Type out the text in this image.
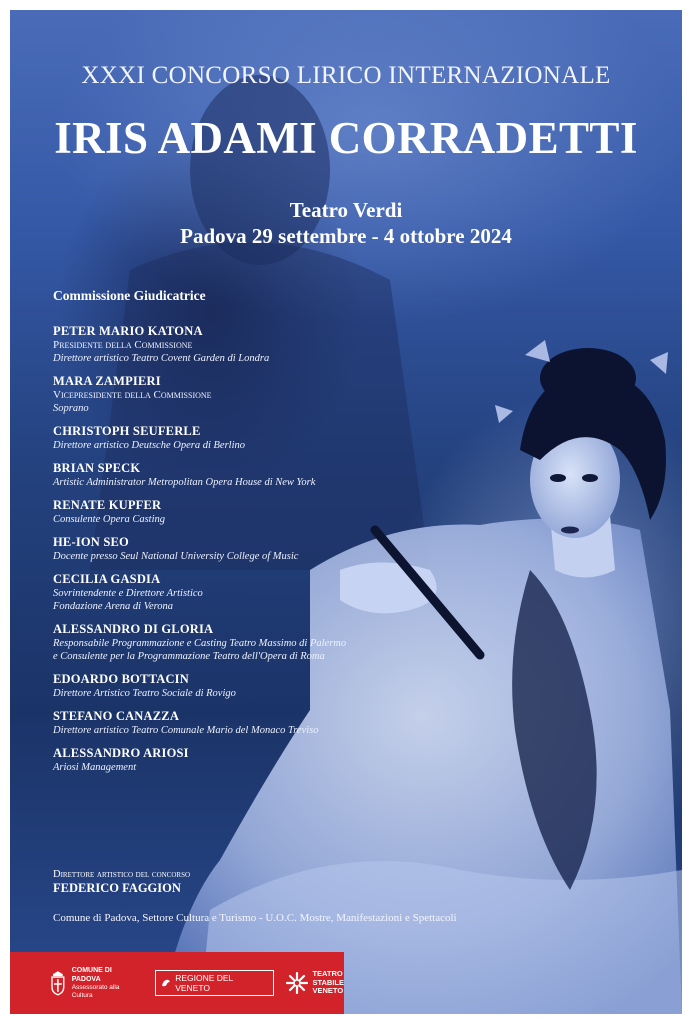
XXXI CONCORSO LIRICO INTERNAZIONALE
IRIS ADAMI CORRADETTI
Teatro Verdi
Padova 29 settembre - 4 ottobre 2024
Commissione Giudicatrice
PETER MARIO KATONA
Presidente della Commissione
Direttore artistico Teatro Covent Garden di Londra
MARA ZAMPIERI
Vicepresidente della Commissione
Soprano
CHRISTOPH SEUFERLE
Direttore artistico Deutsche Opera di Berlino
BRIAN SPECK
Artistic Administrator Metropolitan Opera House di New York
RENATE KUPFER
Consulente Opera Casting
HE-ION SEO
Docente presso Seul National University College of Music
CECILIA GASDIA
Sovrintendente e Direttore Artistico
Fondazione Arena di Verona
ALESSANDRO DI GLORIA
Responsabile Programmazione e Casting Teatro Massimo di Palermo
e Consulente per la Programmazione Teatro dell'Opera di Roma
EDOARDO BOTTACIN
Direttore Artistico Teatro Sociale di Rovigo
STEFANO CANAZZA
Direttore artistico Teatro Comunale Mario del Monaco Treviso
ALESSANDRO ARIOSI
Ariosi Management
Direttore artistico del concorso
FEDERICO FAGGION
Comune di Padova, Settore Cultura e Turismo - U.O.C. Mostre, Manifestazioni e Spettacoli
COMUNE DI PADOVA
Assessorato alla Cultura
REGIONE DEL VENETO
TEATRO
STABILE
VENETO
